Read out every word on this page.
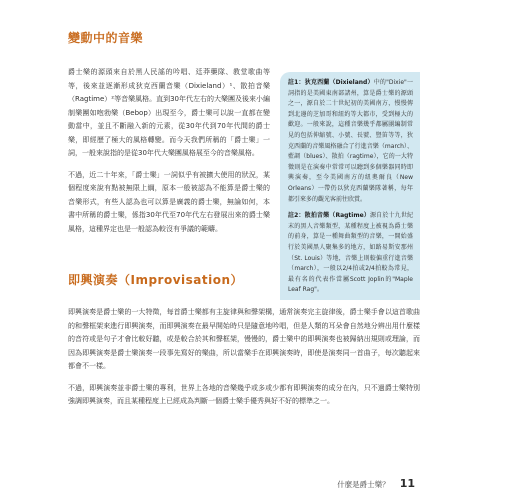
變動中的音樂

爵士樂的源頭來自於黑人民謠的吟唱、廷莽藥隊、教堂歌曲等等，後來並逐漸形成狄克西蘭音樂（Dixieland）¹、散拍音樂（Ragtime）²等音樂風格。直到30年代左右的大樂團及後來小編制樂團如咆勃樂（Bebop）出現至今，爵士樂可以說一直都在變動當中，並且不斷融入新的元素，從30年代到70年代間的爵士樂，即經歷了極大的風格轉變。而今天我們所稱的「爵士樂」一詞，一般來說指的是從30年代大樂團風格展至今的音樂風格。

不過，近二十年來，「爵士樂」一詞似乎有被擴大使用的狀況，某個程度來說有點被無限上綱，原本一般被認為不能算是爵士樂的音樂形式，有些人認為也可以算是廣義的爵士樂，無論如何，本書中所稱的爵士樂，係指30年代至70年代左右發展出來的爵士樂風格，這種界定也是一般認為較沒有爭議的範疇。

註1：狄克西蘭（Dixieland）中的"Dixie"一詞指的是美國東南部諸州，算是爵士樂的源頭之一，源自於二十世紀初的美國南方，慢慢傳到北邊的芝加哥和紐約等大都市，受到極大的歡迎。一般來說，這種音樂幾乎都屬團編制常見的包括伸縮號、小號、長號、豎笛等等，狄克西蘭的音樂風格融合了行進音樂（march）、藍調（blues）、散拍（ragtime），它的一大特徵則是在演奏中常常可以聽到多個樂器同時即興演奏，至今美國南方的紐奧爾良（New Orleans）一帶仍以狄克西蘭樂隊著稱，每年都引來多的觀光客前往欣賞。

註2：散拍音樂（Ragtime）源自於十九世紀末的黑人音樂類型，某種程度上被視為爵士樂的前身，算是一種舞曲類型的音樂，一開始盛行於美國黑人聚集多的地方，如路易斯安那州（St. Louis）等地，音樂上則較偏重行進音樂（march），一般以2/4拍或2/4拍較為常見，最有名的代表作當屬Scott Joplin的"Maple Leaf Rag"。

即興演奏（Improvisation）

即興演奏是爵士樂的一大特徵，每首爵士樂都有主旋律與和聲架構，通常演奏完主旋律後，爵士樂手會以這首歌曲的和聲框架來進行即興演奏，而即興演奏在最早開始時只是隨意地吟唱，但是人類的耳朵會自然地分辨出用什麼樣的音符或是句子才會比較好聽，或是較合於其和聲框架，慢慢的，爵士樂中的即興演奏也被歸納出規則或理論，而因為即興演奏是爵士樂演奏一段事先寫好的樂曲，所以當樂手在即興演奏時，即使是演奏同一首曲子，每次聽起來都會不一樣。

不過，即興演奏並非爵士樂的專利，世界上各地的音樂幾乎或多或少都有即興演奏的成分在內，只不過爵士樂特別強調即興演奏，而且某種程度上已經成為判斷一個爵士樂手優秀與好不好的標準之一。

什麼是爵士樂？ 11
